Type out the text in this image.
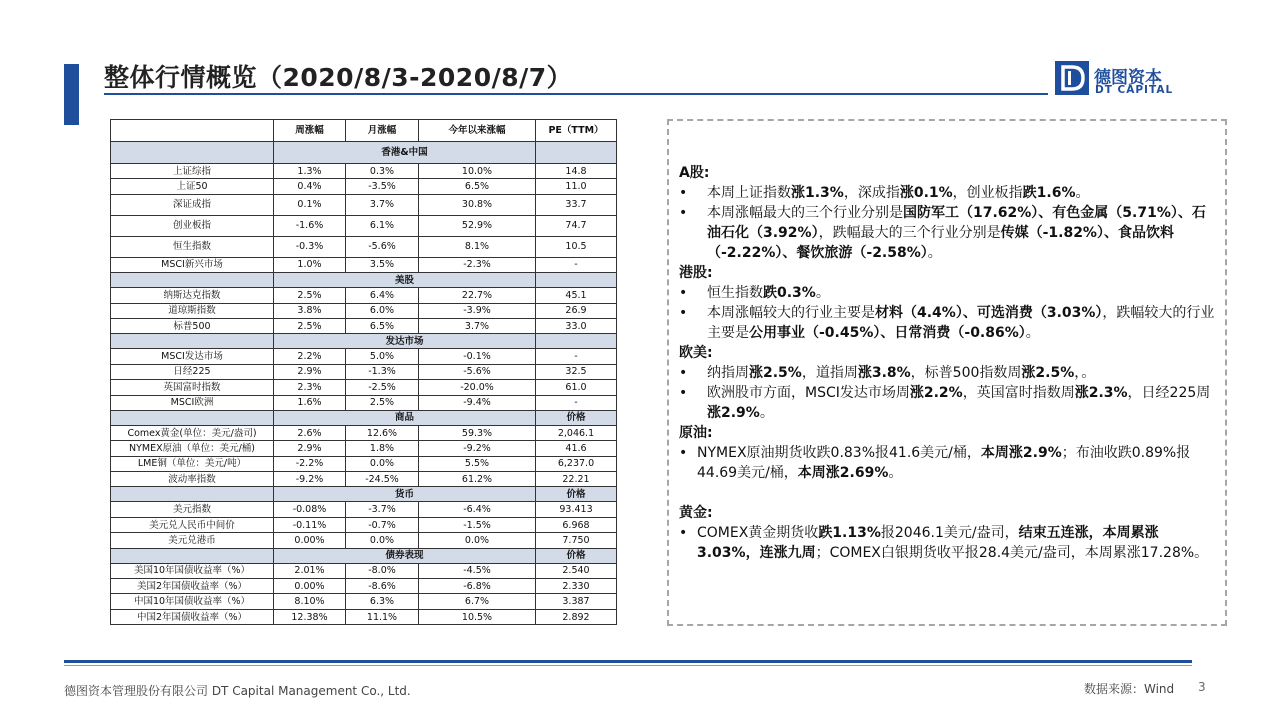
整体行情概览（2020/8/3-2020/8/7）	德图资本
DT CAPITAL
	周涨幅	月涨幅	今年以来涨幅	PE（TTM）
	香港&中国			
上证综指	1.3%	0.3%	10.0%	14.8
上证50	0.4%	-3.5%	6.5%	11.0
深证成指	0.1%	3.7%	30.8%	33.7
创业板指	-1.6%	6.1%	52.9%	74.7
恒生指数	-0.3%	-5.6%	8.1%	10.5
MSCI新兴市场	1.0%	3.5%	-2.3%	-
	美股			
纳斯达克指数	2.5%	6.4%	22.7%	45.1
道琼斯指数	3.8%	6.0%	-3.9%	26.9
标普500	2.5%	6.5%	3.7%	33.0
	发达市场			
MSCI发达市场	2.2%	5.0%	-0.1%	-
日经225	2.9%	-1.3%	-5.6%	32.5
英国富时指数	2.3%	-2.5%	-20.0%	61.0
MSCI欧洲	1.6%	2.5%	-9.4%	-
	商品			价格
Comex黄金(单位：美元/盎司)	2.6%	12.6%	59.3%	2,046.1
NYMEX原油（单位：美元/桶)	2.9%	1.8%	-9.2%	41.6
LME铜（单位：美元/吨）	-2.2%	0.0%	5.5%	6,237.0
波动率指数	-9.2%	-24.5%	61.2%	22.21
	货币			价格
美元指数	-0.08%	-3.7%	-6.4%	93.413
美元兑人民币中间价	-0.11%	-0.7%	-1.5%	6.968
美元兑港币	0.00%	0.0%	0.0%	7.750
	债券表现			价格
美国10年国债收益率（%）	2.01%	-8.0%	-4.5%	2.540
美国2年国债收益率（%）	0.00%	-8.6%	-6.8%	2.330
中国10年国债收益率（%）	8.10%	6.3%	6.7%	3.387
中国2年国债收益率（%）	12.38%	11.1%	10.5%	2.892
A股:
• 本周上证指数涨1.3%，深成指涨0.1%，创业板指跌1.6%。
• 本周涨幅最大的三个行业分别是国防军工（17.62%）、有色金属（5.71%）、石油石化（3.92%），跌幅最大的三个行业分别是传媒（-1.82%）、食品饮料（-2.22%）、餐饮旅游（-2.58%）。
港股:
• 恒生指数跌0.3%。
• 本周涨幅较大的行业主要是材料（4.4%）、可选消费（3.03%），跌幅较大的行业主要是公用事业（-0.45%）、日常消费（-0.86%）。
欧美:
• 纳指周涨2.5%，道指周涨3.8%，标普500指数周涨2.5%，。
• 欧洲股市方面，MSCI发达市场周涨2.2%，英国富时指数周涨2.3%，日经225周涨2.9%。
原油:
• NYMEX原油期货收跌0.83%报41.6美元/桶，本周涨2.9%；布油收跌0.89%报44.69美元/桶，本周涨2.69%。
黄金:
• COMEX黄金期货收跌1.13%报2046.1美元/盎司，结束五连涨，本周累涨3.03%，连涨九周；COMEX白银期货收平报28.4美元/盎司，本周累涨17.28%。
德图资本管理股份有限公司 DT Capital Management Co., Ltd.	数据来源：Wind 3
